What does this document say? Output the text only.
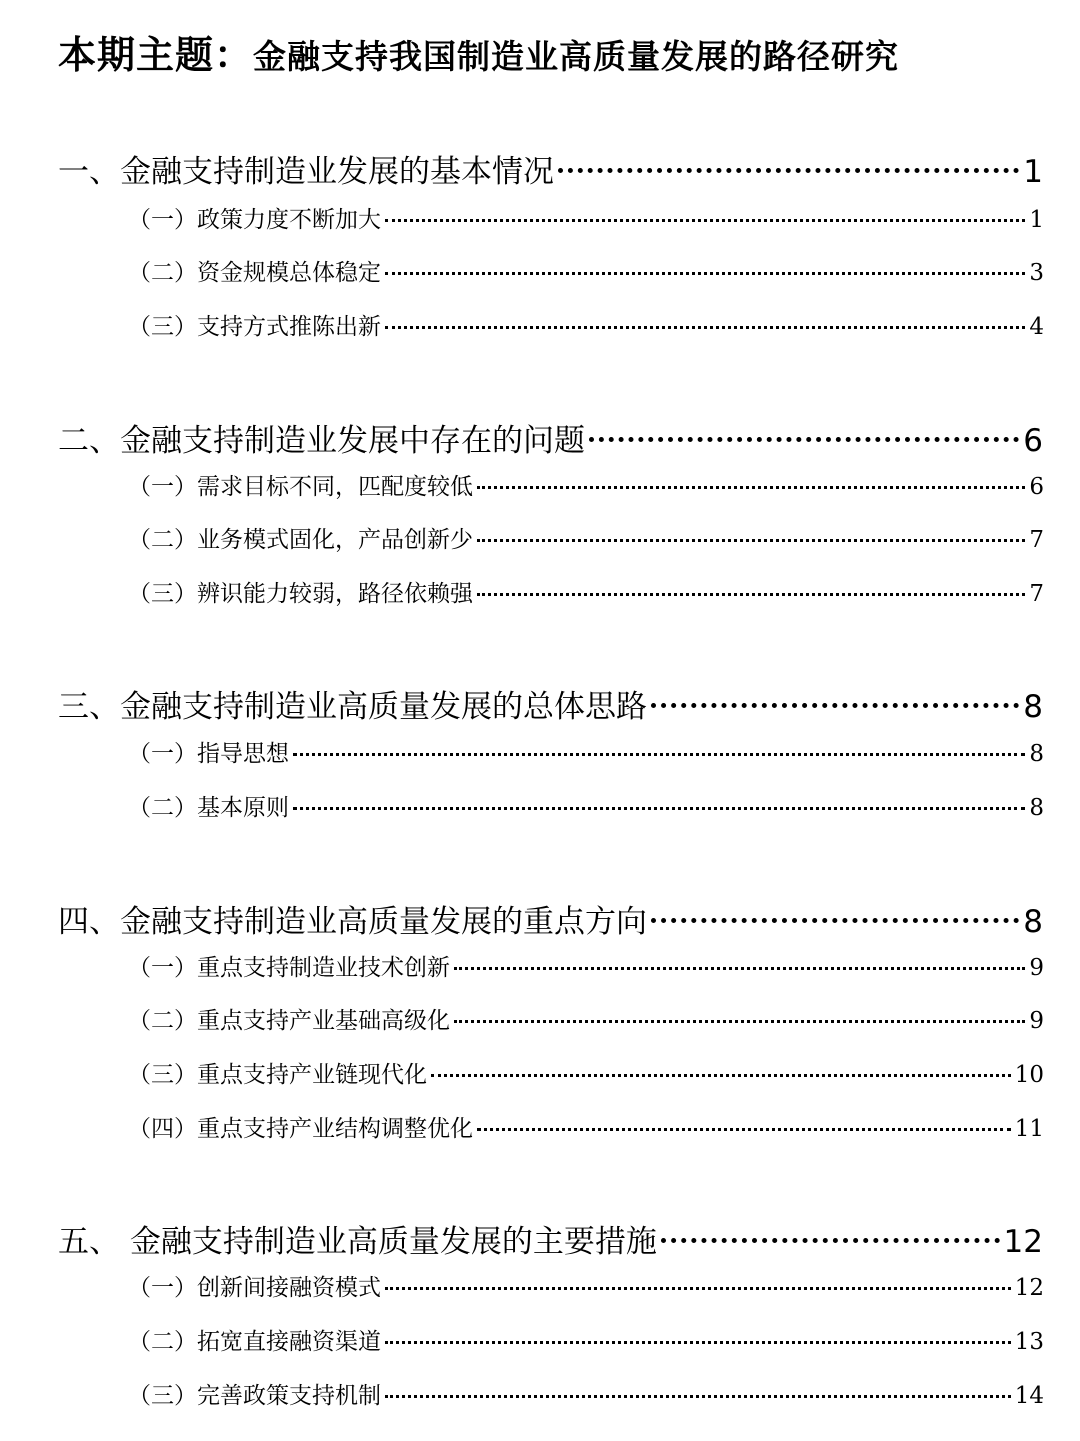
本期主题： 金融支持我国制造业高质量发展的路径研究
一、金融支持制造业发展的基本情况	1
（一）政策力度不断加大	1
（二）资金规模总体稳定	3
（三）支持方式推陈出新	4
二、金融支持制造业发展中存在的问题	6
（一）需求目标不同，匹配度较低	6
（二）业务模式固化，产品创新少	7
（三）辨识能力较弱，路径依赖强	7
三、金融支持制造业高质量发展的总体思路	8
（一）指导思想	8
（二）基本原则	8
四、金融支持制造业高质量发展的重点方向	8
（一）重点支持制造业技术创新	9
（二）重点支持产业基础高级化	9
（三）重点支持产业链现代化	10
（四）重点支持产业结构调整优化	11
五、 金融支持制造业高质量发展的主要措施	12
（一）创新间接融资模式	12
（二）拓宽直接融资渠道	13
（三）完善政策支持机制	14
